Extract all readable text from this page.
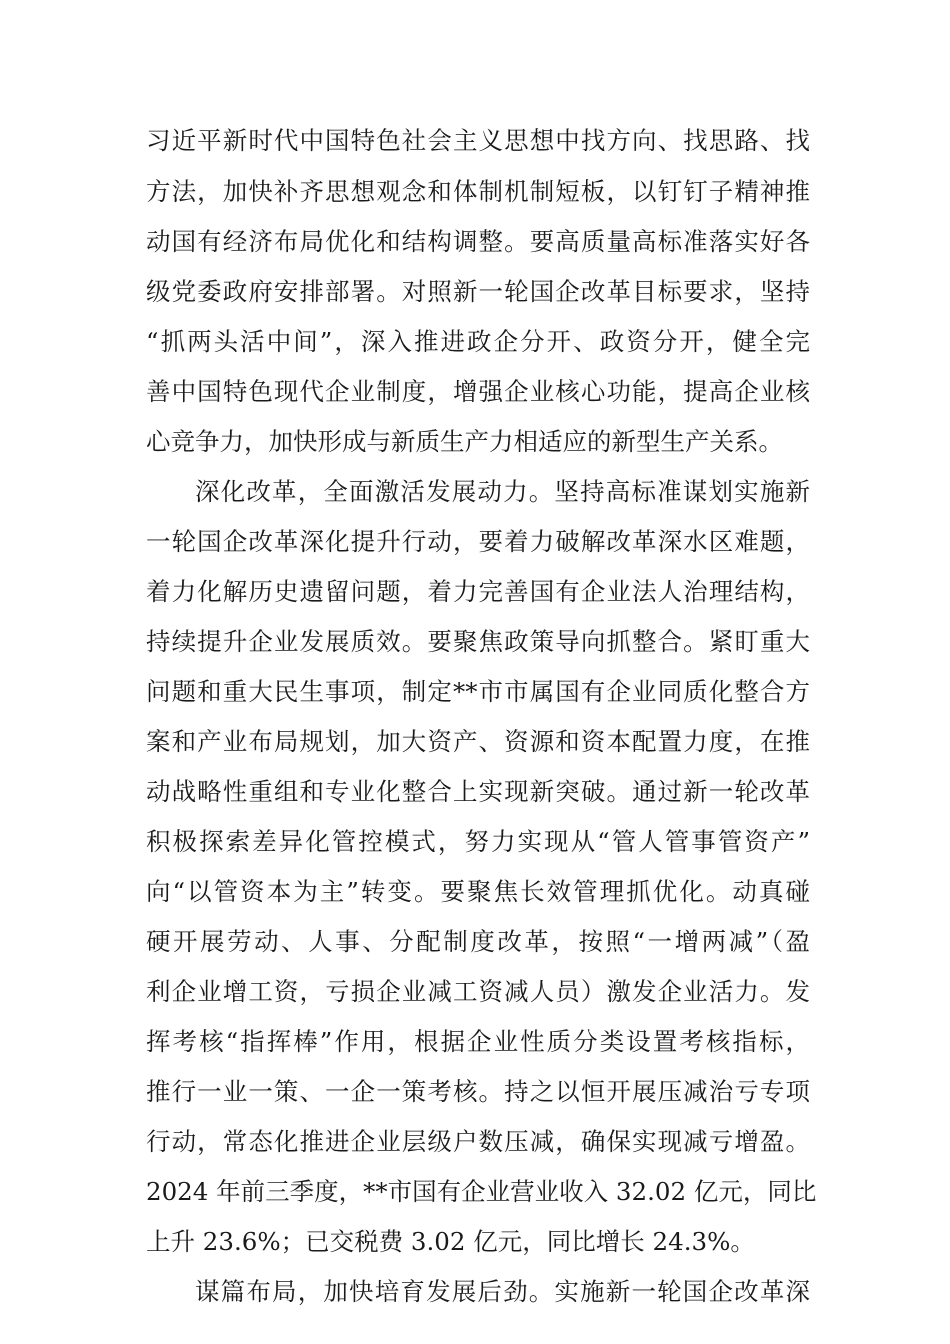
习近平新时代中国特色社会主义思想中找方向、找思路、找

方法，加快补齐思想观念和体制机制短板，以钉钉子精神推

动国有经济布局优化和结构调整。要高质量高标准落实好各

级党委政府安排部署。对照新一轮国企改革目标要求，坚持

“抓两头活中间”，深入推进政企分开、政资分开，健全完

善中国特色现代企业制度，增强企业核心功能，提高企业核

心竞争力，加快形成与新质生产力相适应的新型生产关系。

深化改革，全面激活发展动力。坚持高标准谋划实施新

一轮国企改革深化提升行动，要着力破解改革深水区难题，

着力化解历史遗留问题，着力完善国有企业法人治理结构，

持续提升企业发展质效。要聚焦政策导向抓整合。紧盯重大

问题和重大民生事项，制定**市市属国有企业同质化整合方

案和产业布局规划，加大资产、资源和资本配置力度，在推

动战略性重组和专业化整合上实现新突破。通过新一轮改革

积极探索差异化管控模式，努力实现从“管人管事管资产”

向“以管资本为主”转变。要聚焦长效管理抓优化。动真碰

硬开展劳动、人事、分配制度改革，按照“一增两减”（盈

利企业增工资，亏损企业减工资减人员）激发企业活力。发

挥考核“指挥棒”作用，根据企业性质分类设置考核指标，

推行一业一策、一企一策考核。持之以恒开展压减治亏专项

行动，常态化推进企业层级户数压减，确保实现减亏增盈。

2024 年前三季度，**市国有企业营业收入 32.02 亿元，同比

上升 23.6%；已交税费 3.02 亿元，同比增长 24.3%。

谋篇布局，加快培育发展后劲。实施新一轮国企改革深
